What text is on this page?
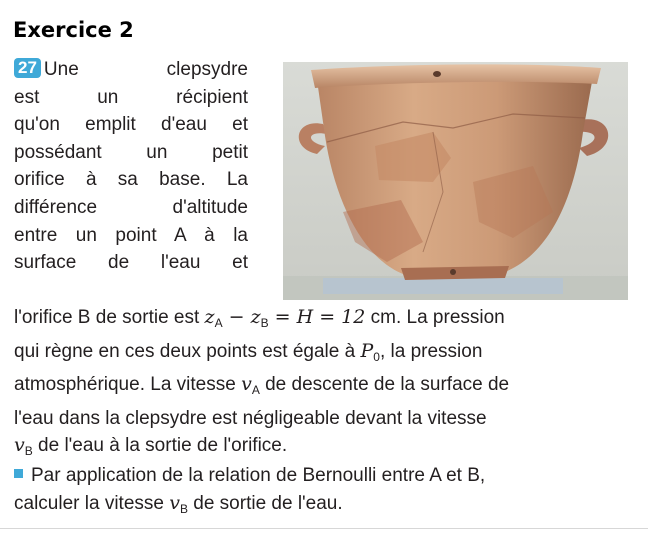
Exercice 2
27 Une clepsydre
est un récipient
qu'on emplit d'eau et
possédant un petit
orifice à sa base. La
différence d'altitude
entre un point A à la
surface de l'eau et
l'orifice B de sortie est $z_A - z_B = H = 12$ cm. La pression
qui règne en ces deux points est égale à $P_0$, la pression
atmosphérique. La vitesse $v_A$ de descente de la surface de
l'eau dans la clepsydre est négligeable devant la vitesse
$v_B$ de l'eau à la sortie de l'orifice.
Par application de la relation de Bernoulli entre A et B,
calculer la vitesse $v_B$ de sortie de l'eau.
